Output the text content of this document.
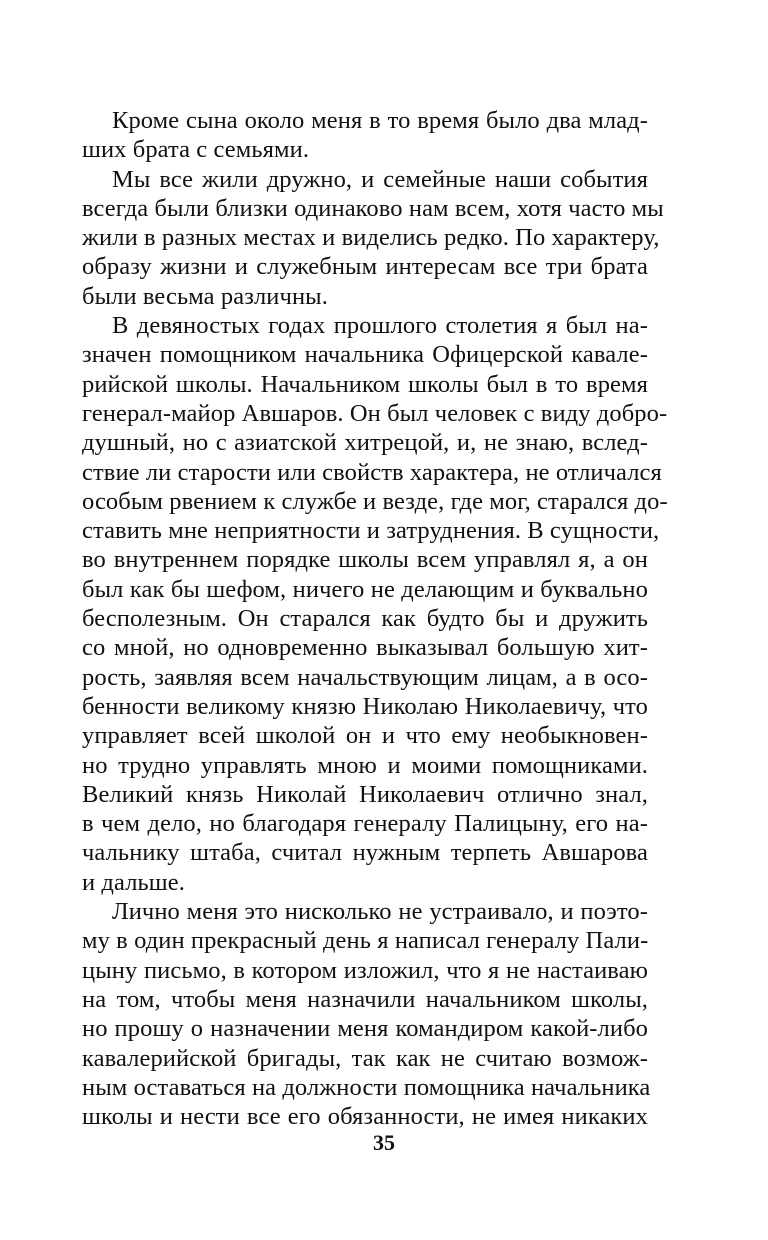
Кроме сына около меня в то время было два млад-
ших брата с семьями.
Мы все жили дружно, и семейные наши события
всегда были близки одинаково нам всем, хотя часто мы
жили в разных местах и виделись редко. По характеру,
образу жизни и служебным интересам все три брата
были весьма различны.
В девяностых годах прошлого столетия я был на-
значен помощником начальника Офицерской кавале-
рийской школы. Начальником школы был в то время
генерал-майор Авшаров. Он был человек с виду добро-
душный, но с азиатской хитрецой, и, не знаю, вслед-
ствие ли старости или свойств характера, не отличался
особым рвением к службе и везде, где мог, старался до-
ставить мне неприятности и затруднения. В сущности,
во внутреннем порядке школы всем управлял я, а он
был как бы шефом, ничего не делающим и буквально
бесполезным. Он старался как будто бы и дружить
со мной, но одновременно выказывал большую хит-
рость, заявляя всем начальствующим лицам, а в осо-
бенности великому князю Николаю Николаевичу, что
управляет всей школой он и что ему необыкновен-
но трудно управлять мною и моими помощниками.
Великий князь Николай Николаевич отлично знал,
в чем дело, но благодаря генералу Палицыну, его на-
чальнику штаба, считал нужным терпеть Авшарова
и дальше.
Лично меня это нисколько не устраивало, и поэто-
му в один прекрасный день я написал генералу Пали-
цыну письмо, в котором изложил, что я не настаиваю
на том, чтобы меня назначили начальником школы,
но прошу о назначении меня командиром какой-либо
кавалерийской бригады, так как не считаю возмож-
ным оставаться на должности помощника начальника
школы и нести все его обязанности, не имея никаких
35
